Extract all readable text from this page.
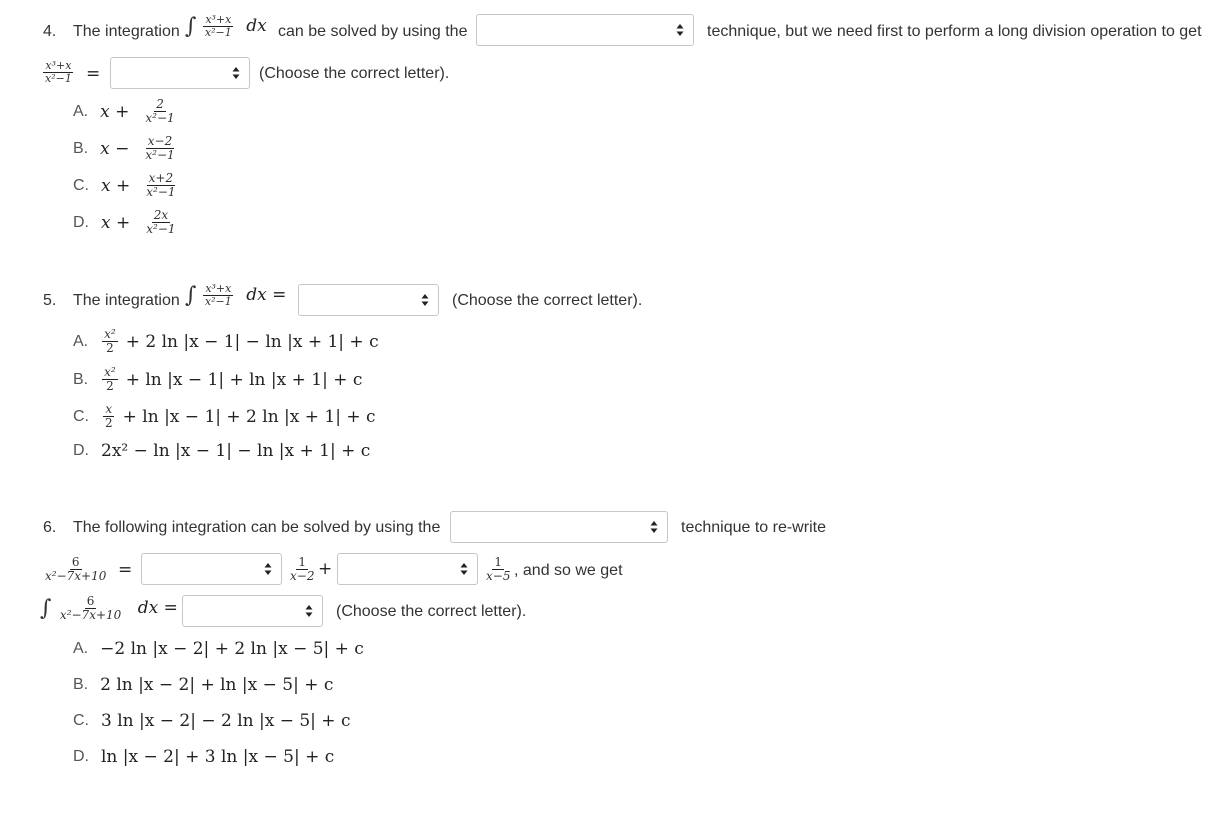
4. The integration ∫ $\frac{\text{x³+x}}{\text{x²−1}}$ dx can be solved by using the	technique, but we need first to perform a long division operation to get
$\frac{\text{x³+x}}{\text{x²−1}}$ =	(Choose the correct letter).
A. $x + \frac{2}{\text{x²−1}}$
B. $x - \frac{x-2}{\text{x²−1}}$
C. $x + \frac{x+2}{\text{x²−1}}$
D. $x + \frac{2x}{\text{x²−1}}$
5. The integration ∫ $\frac{\text{x³+x}}{\text{x²−1}}$ dx =	(Choose the correct letter).
A. $\frac{\text{x²}}{2} + 2$ ln |x − 1| − ln |x + 1| + c
B. $\frac{\text{x²}}{2} + \ln |x - 1| + \ln |x + 1| + c$
C. $\frac{x}{2} + \ln |x - 1| + 2$ ln |x + 1| + c
D. 2x² − ln |x − 1| − ln |x + 1| + c
6. The following integration can be solved by using the	technique to re-write
$\frac{6}{\text{x²−7x+10}}$ =	$\frac{1}{x-2}$ +	$\frac{1}{x-5}$ , and so we get
∫ $\frac{6}{\text{x²−7x+10}}$ dx =	(Choose the correct letter).
A. −2 ln |x − 2| + 2 ln |x − 5| + c
B. 2 ln |x − 2| + ln |x − 5| + c
C. 3 ln |x − 2| − 2 ln |x − 5| + c
D. ln |x − 2| + 3 ln |x − 5| + c
